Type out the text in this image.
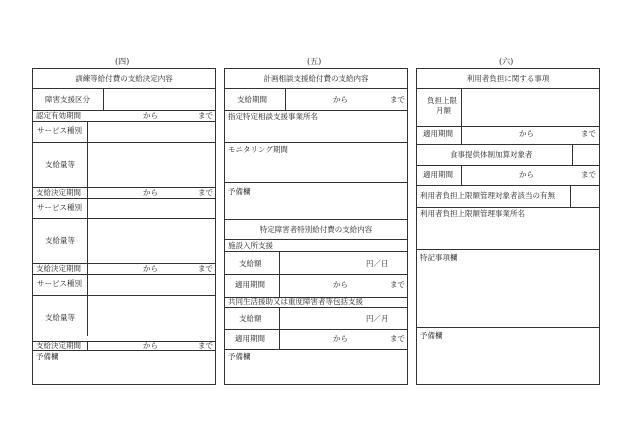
(四)	(五)	(六)
訓練等給付費の支給決定内容
障害支援区分
認定有効期間	から	まで
サービス種別
支給量等
支給決定期間	から	まで
サービス種別
支給量等
支給決定期間	から	まで
サービス種別
支給量等
支給決定期間	から	まで
予備欄
計画相談支援給付費の支給内容
支給期間	から	まで
指定特定相談支援事業所名
モニタリング期間
予備欄
特定障害者特別給付費の支給内容
施設入所支援
支給額	円／日
適用期間	から	まで
共同生活援助又は重度障害者等包括支援
支給額	円／月
適用期間	から	まで
予備欄
利用者負担に関する事項
負担上限
月額
適用期間	から	まで
食事提供体制加算対象者
適用期間	から	まで
利用者負担上限額管理対象者該当の有無
利用者負担上限額管理事業所名
特記事項欄
予備欄
